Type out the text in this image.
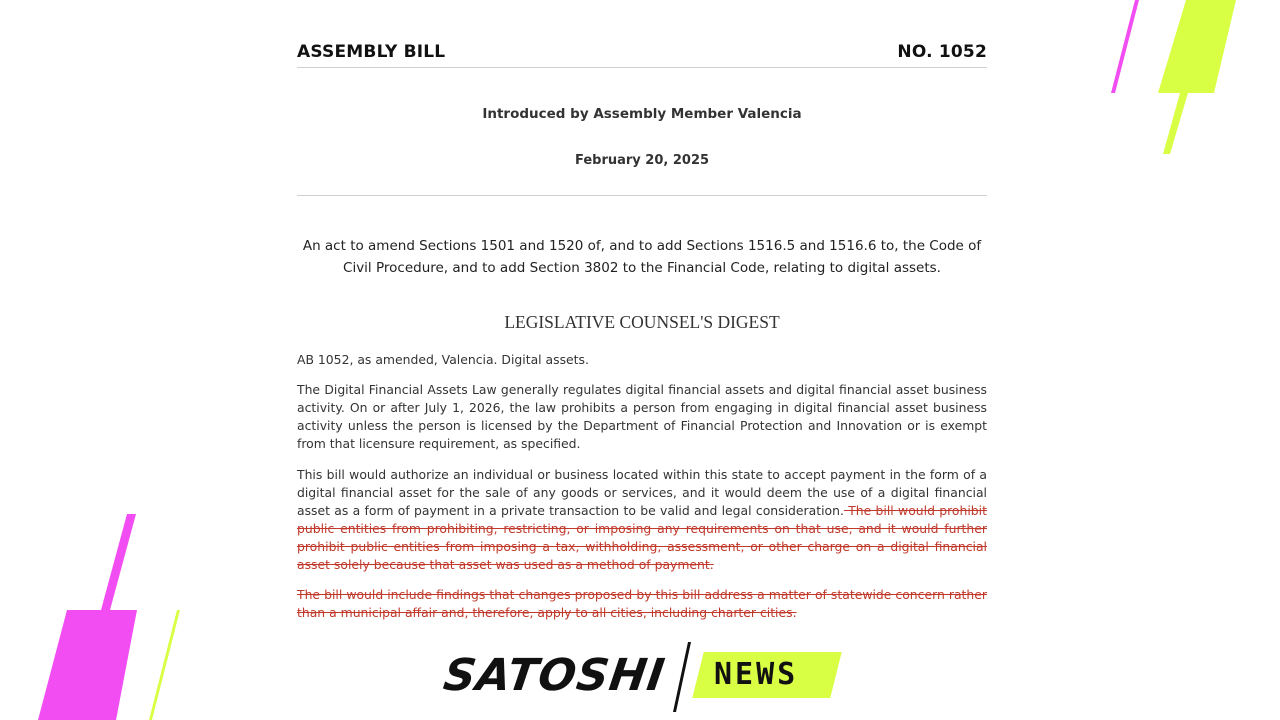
ASSEMBLY BILL	NO. 1052
Introduced by Assembly Member Valencia
February 20, 2025
An act to amend Sections 1501 and 1520 of, and to add Sections 1516.5 and 1516.6 to, the Code of Civil Procedure, and to add Section 3802 to the Financial Code, relating to digital assets.
LEGISLATIVE COUNSEL'S DIGEST

AB 1052, as amended, Valencia. Digital assets.

The Digital Financial Assets Law generally regulates digital financial assets and digital financial asset business activity. On or after July 1, 2026, the law prohibits a person from engaging in digital financial asset business activity unless the person is licensed by the Department of Financial Protection and Innovation or is exempt from that licensure requirement, as specified.

This bill would authorize an individual or business located within this state to accept payment in the form of a digital financial asset for the sale of any goods or services, and it would deem the use of a digital financial asset as a form of payment in a private transaction to be valid and legal consideration. The bill would prohibit public entities from prohibiting, restricting, or imposing any requirements on that use, and it would further prohibit public entities from imposing a tax, withholding, assessment, or other charge on a digital financial asset solely because that asset was used as a method of payment.

The bill would include findings that changes proposed by this bill address a matter of statewide concern rather than a municipal affair and, therefore, apply to all cities, including charter cities.

SATOSHI NEWS
